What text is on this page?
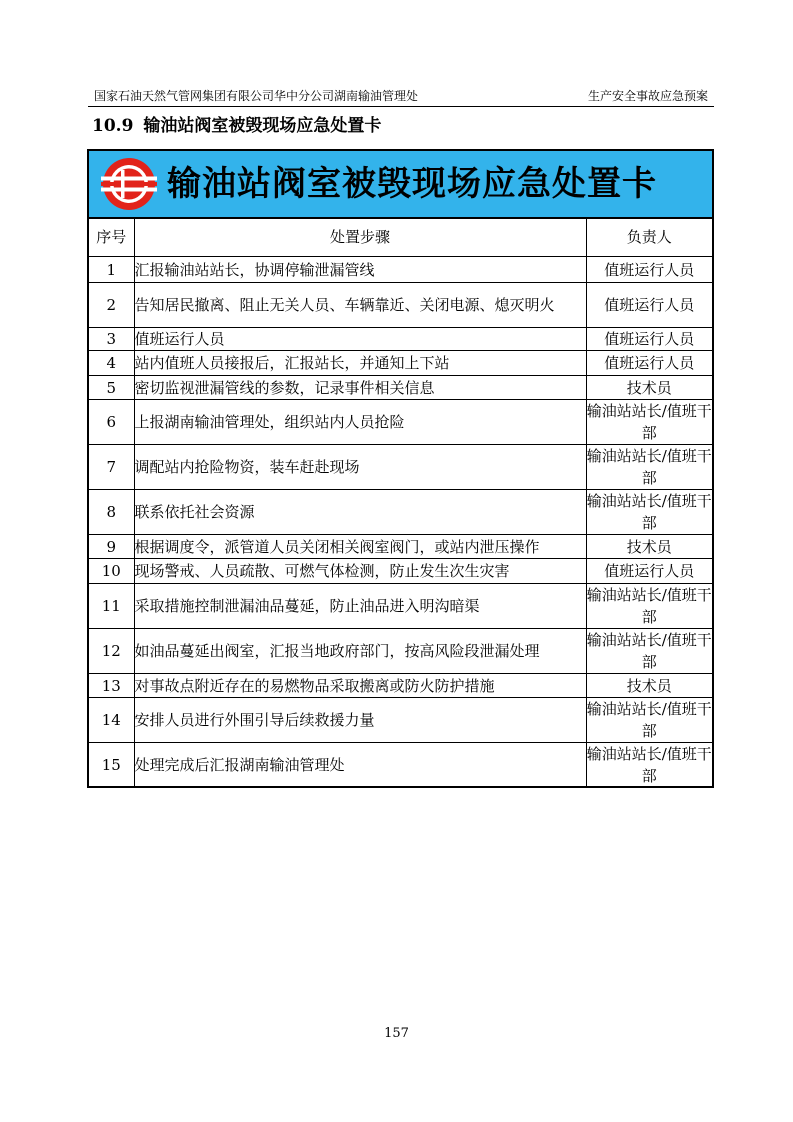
国家石油天然气管网集团有限公司华中分公司湖南输油管理处	生产安全事故应急预案
10.9 输油站阀室被毁现场应急处置卡
输油站阀室被毁现场应急处置卡
序号	处置步骤	负责人
1	汇报输油站站长，协调停输泄漏管线	值班运行人员
2	告知居民撤离、阻止无关人员、车辆靠近、关闭电源、熄灭明火	值班运行人员
3	值班运行人员	值班运行人员
4	站内值班人员接报后，汇报站长，并通知上下站	值班运行人员
5	密切监视泄漏管线的参数，记录事件相关信息	技术员
6	上报湖南输油管理处，组织站内人员抢险	输油站站长/值班干部
7	调配站内抢险物资，装车赶赴现场	输油站站长/值班干部
8	联系依托社会资源	输油站站长/值班干部
9	根据调度令，派管道人员关闭相关阀室阀门，或站内泄压操作	技术员
10	现场警戒、人员疏散、可燃气体检测，防止发生次生灾害	值班运行人员
11	采取措施控制泄漏油品蔓延，防止油品进入明沟暗渠	输油站站长/值班干部
12	如油品蔓延出阀室，汇报当地政府部门，按高风险段泄漏处理	输油站站长/值班干部
13	对事故点附近存在的易燃物品采取搬离或防火防护措施	技术员
14	安排人员进行外围引导后续救援力量	输油站站长/值班干部
15	处理完成后汇报湖南输油管理处	输油站站长/值班干部
157
